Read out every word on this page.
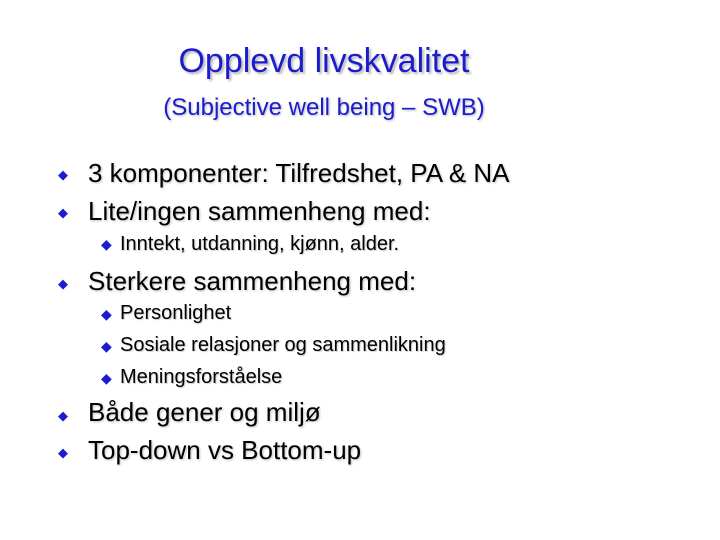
Opplevd livskvalitet
(Subjective well being – SWB)
◆ 3 komponenter: Tilfredshet, PA & NA
◆ Lite/ingen sammenheng med:
◆ Inntekt, utdanning, kjønn, alder.
◆ Sterkere sammenheng med:
◆ Personlighet
◆ Sosiale relasjoner og sammenlikning
◆ Meningsforståelse
◆ Både gener og miljø
◆ Top-down vs Bottom-up
